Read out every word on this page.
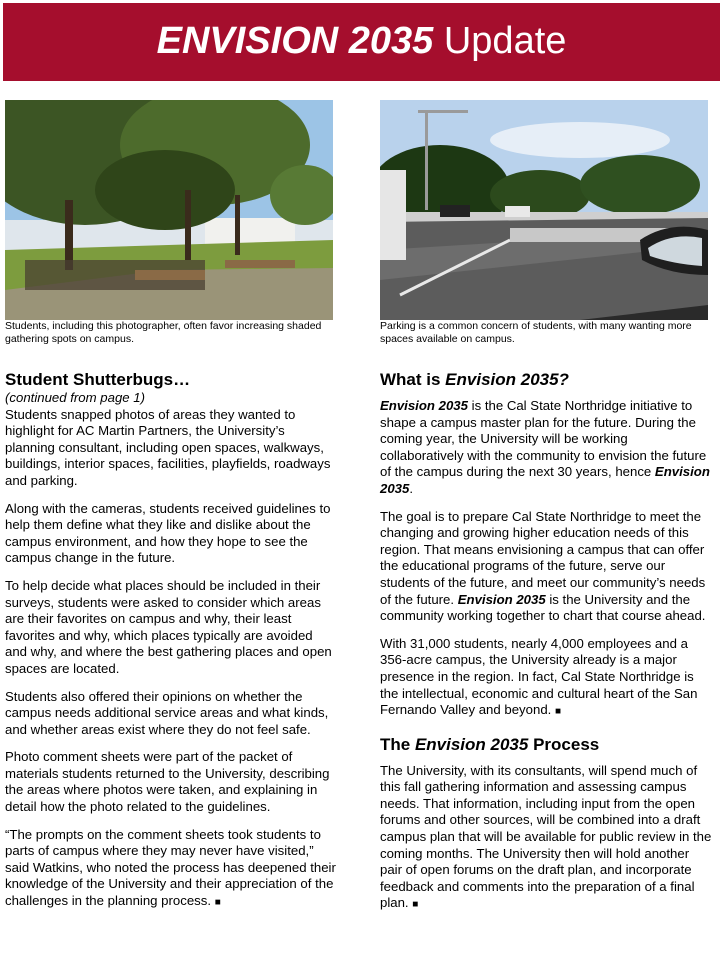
ENVISION 2035 Update
Students, including this photographer, often favor increasing shaded gathering spots on campus.
Parking is a common concern of students, with many wanting more spaces available on campus.
Student Shutterbugs…
(continued from page 1)

Students snapped photos of areas they wanted to highlight for AC Martin Partners, the University’s planning consultant, including open spaces, walkways, buildings, interior spaces, facilities, playfields, roadways and parking.

Along with the cameras, students received guidelines to help them define what they like and dislike about the campus environment, and how they hope to see the campus change in the future.

To help decide what places should be included in their surveys, students were asked to consider which areas are their favorites on campus and why, their least favorites and why, which places typically are avoided and why, and where the best gathering places and open spaces are located.

Students also offered their opinions on whether the campus needs additional service areas and what kinds, and whether areas exist where they do not feel safe.

Photo comment sheets were part of the packet of materials students returned to the University, describing the areas where photos were taken, and explaining in detail how the photo related to the guidelines.

“The prompts on the comment sheets took students to parts of campus where they may never have visited,” said Watkins, who noted the process has deepened their knowledge of the University and their appreciation of the challenges in the planning process. ■

What is Envision 2035?

Envision 2035 is the Cal State Northridge initiative to shape a campus master plan for the future. During the coming year, the University will be working collaboratively with the community to envision the future of the campus during the next 30 years, hence Envision 2035.

The goal is to prepare Cal State Northridge to meet the changing and growing higher education needs of this region. That means envisioning a campus that can offer the educational programs of the future, serve our students of the future, and meet our community’s needs of the future. Envision 2035 is the University and the community working together to chart that course ahead.

With 31,000 students, nearly 4,000 employees and a 356-acre campus, the University already is a major presence in the region. In fact, Cal State Northridge is the intellectual, economic and cultural heart of the San Fernando Valley and beyond. ■

The Envision 2035 Process

The University, with its consultants, will spend much of this fall gathering information and assessing campus needs. That information, including input from the open forums and other sources, will be combined into a draft campus plan that will be available for public review in the coming months. The University then will hold another pair of open forums on the draft plan, and incorporate feedback and comments into the preparation of a final plan. ■
